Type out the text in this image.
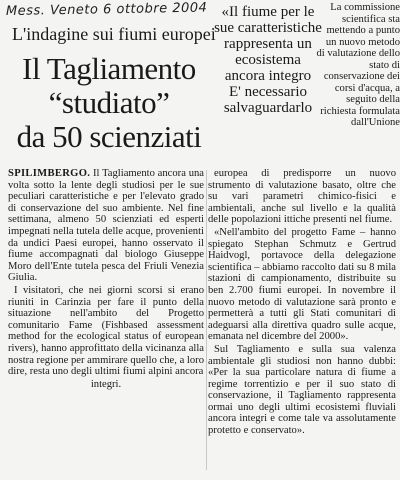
Mess. Veneto 6 ottobre 2004
L'indagine sui fiumi europei
Il Tagliamento
“studiato”
da 50 scienziati

«Il fiume per le sue caratteristiche rappresenta un ecosistema ancora integro

E' necessario salvaguardarlo

La commissione scientifica sta mettendo a punto un nuovo metodo di valutazione dello stato di conservazione dei corsi d'acqua, a seguito della richiesta formulata dall'Unione

SPILIMBERGO. Il Tagliamento ancora una volta sotto la lente degli studiosi per le sue peculiari caratteristiche e per l'elevato grado di conservazione del suo ambiente. Nel fine settimana, almeno 50 scienziati ed esperti impegnati nella tutela delle acque, provenienti da undici Paesi europei, hanno osservato il fiume accompagnati dal biologo Giuseppe Moro dell'Ente tutela pesca del Friuli Venezia Giulia.

I visitatori, che nei giorni scorsi si erano riuniti in Carinzia per fare il punto della situazione nell'ambito del Progetto comunitario Fame (Fishbased assessment method for the ecological status of european rivers), hanno approfittato della vicinanza alla nostra regione per ammirare quello che, a loro dire, resta uno degli ultimi fiumi alpini ancora

integri.

europea di predisporre un nuovo strumento di valutazione basato, oltre che su vari parametri chimico-fisici e ambientali, anche sul livello e la qualità delle popolazioni ittiche presenti nel fiume.

«Nell'ambito del progetto Fame – hanno spiegato Stephan Schmutz e Gertrud Haidvogl, portavoce della delegazione scientifica – abbiamo raccolto dati su 8 mila stazioni di campionamento, distribuite su ben 2.700 fiumi europei. In novembre il nuovo metodo di valutazione sarà pronto e permetterà a tutti gli Stati comunitari di adeguarsi alla direttiva quadro sulle acque, emanata nel dicembre del 2000».

Sul Tagliamento e sulla sua valenza ambientale gli studiosi non hanno dubbi: «Per la sua particolare natura di fiume a regime torrentizio e per il suo stato di conservazione, il Tagliamento rappresenta ormai uno degli ultimi ecosistemi fluviali ancora integri e come tale va assolutamente protetto e conservato».
